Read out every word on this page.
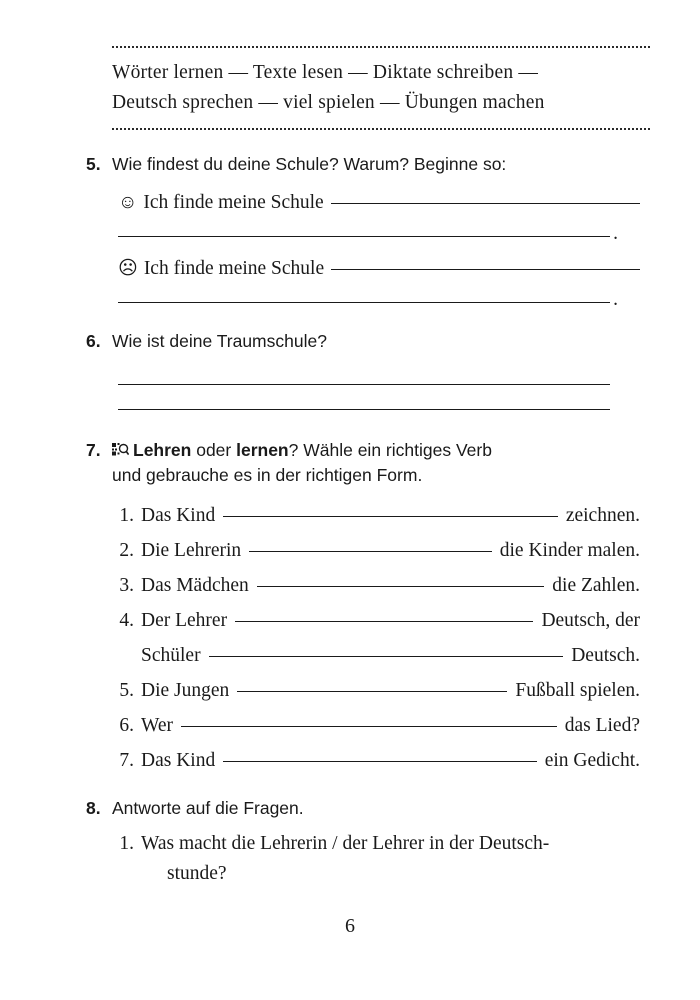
Wörter lernen — Texte lesen — Diktate schreiben —
Deutsch sprechen — viel spielen — Übungen machen
5. Wie findest du deine Schule? Warum? Beginne so:
☺ Ich finde meine Schule
.
☹ Ich finde meine Schule
.
6. Wie ist deine Traumschule?
7.	Lehren oder lernen? Wähle ein richtiges Verb
und gebrauche es in der richtigen Form.
1. Das Kind	zeichnen.
2. Die Lehrerin	die Kinder malen.
3. Das Mädchen	die Zahlen.
4. Der Lehrer	Deutsch, der
Schüler	Deutsch.
5. Die Jungen	Fußball spielen.
6. Wer	das Lied?
7. Das Kind	ein Gedicht.
8. Antworte auf die Fragen.
1. Was macht die Lehrerin / der Lehrer in der Deutsch-
stunde?
6
